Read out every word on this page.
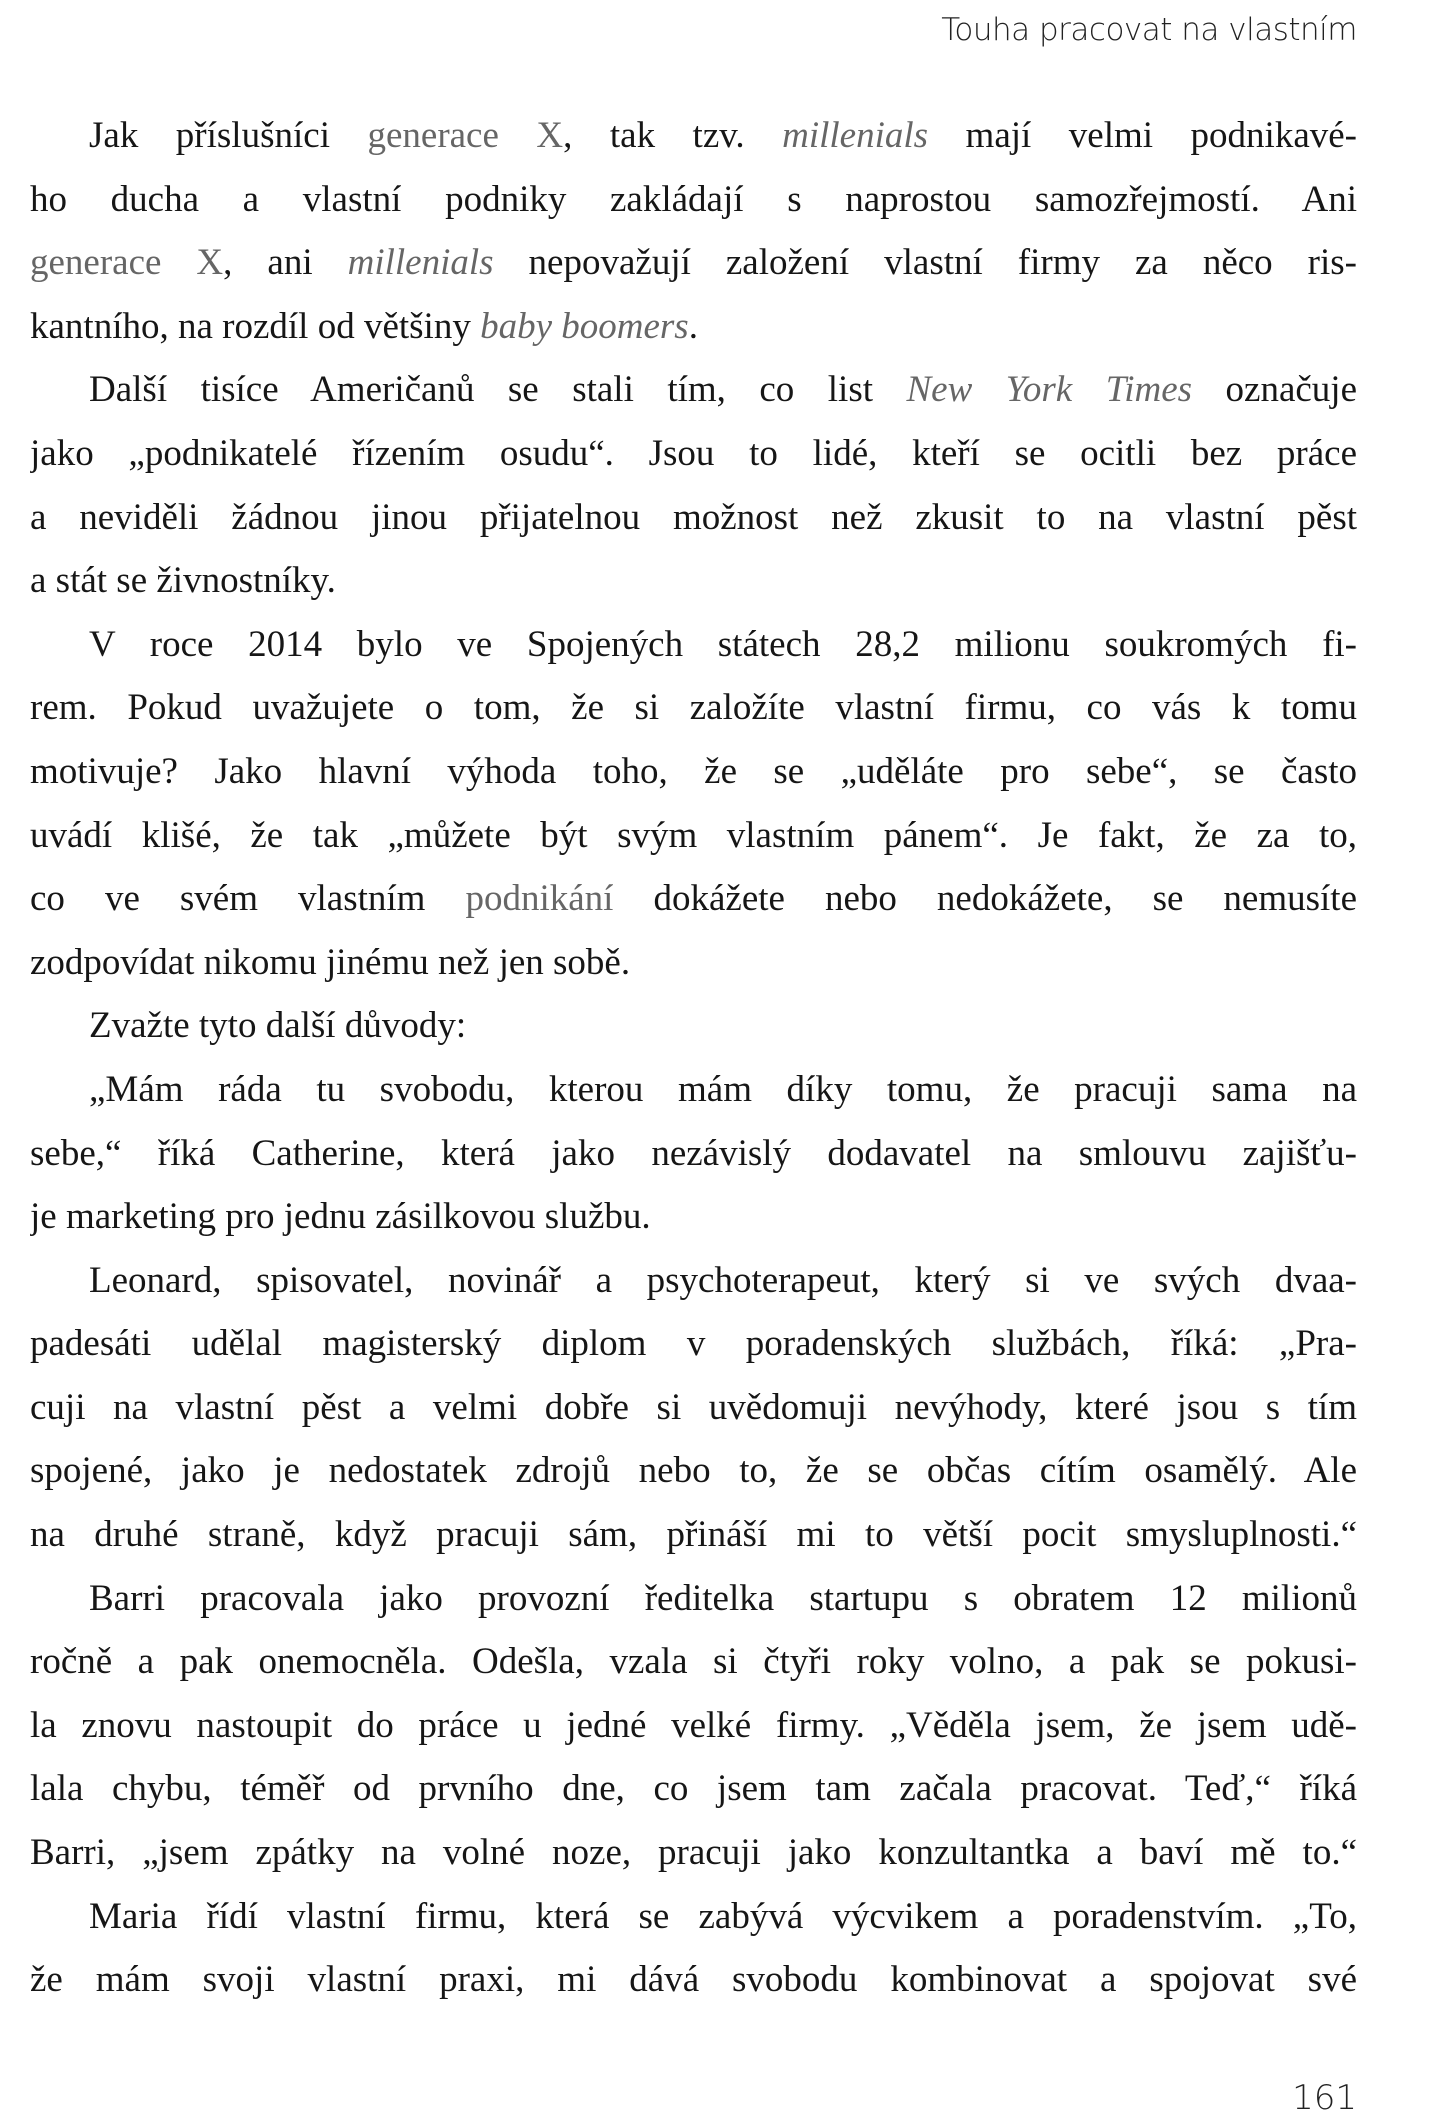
Touha pracovat na vlastním
Jak příslušníci generace X, tak tzv. millenials mají velmi podnikavé-
ho ducha a vlastní podniky zakládají s naprostou samozřejmostí. Ani
generace X, ani millenials nepovažují založení vlastní firmy za něco ris-
kantního, na rozdíl od většiny baby boomers.
Další tisíce Američanů se stali tím, co list New York Times označuje
jako „podnikatelé řízením osudu“. Jsou to lidé, kteří se ocitli bez práce
a neviděli žádnou jinou přijatelnou možnost než zkusit to na vlastní pěst
a stát se živnostníky.
V roce 2014 bylo ve Spojených státech 28,2 milionu soukromých fi-
rem. Pokud uvažujete o tom, že si založíte vlastní firmu, co vás k tomu
motivuje? Jako hlavní výhoda toho, že se „uděláte pro sebe“, se často
uvádí klišé, že tak „můžete být svým vlastním pánem“. Je fakt, že za to,
co ve svém vlastním podnikání dokážete nebo nedokážete, se nemusíte
zodpovídat nikomu jinému než jen sobě.
Zvažte tyto další důvody:
„Mám ráda tu svobodu, kterou mám díky tomu, že pracuji sama na
sebe,“ říká Catherine, která jako nezávislý dodavatel na smlouvu zajišťu-
je marketing pro jednu zásilkovou službu.
Leonard, spisovatel, novinář a psychoterapeut, který si ve svých dvaa-
padesáti udělal magisterský diplom v poradenských službách, říká: „Pra-
cuji na vlastní pěst a velmi dobře si uvědomuji nevýhody, které jsou s tím
spojené, jako je nedostatek zdrojů nebo to, že se občas cítím osamělý. Ale
na druhé straně, když pracuji sám, přináší mi to větší pocit smysluplnosti.“
Barri pracovala jako provozní ředitelka startupu s obratem 12 milionů
ročně a pak onemocněla. Odešla, vzala si čtyři roky volno, a pak se pokusi-
la znovu nastoupit do práce u jedné velké firmy. „Věděla jsem, že jsem udě-
lala chybu, téměř od prvního dne, co jsem tam začala pracovat. Teď,“ říká
Barri, „jsem zpátky na volné noze, pracuji jako konzultantka a baví mě to.“
Maria řídí vlastní firmu, která se zabývá výcvikem a poradenstvím. „To,
že mám svoji vlastní praxi, mi dává svobodu kombinovat a spojovat své
161
